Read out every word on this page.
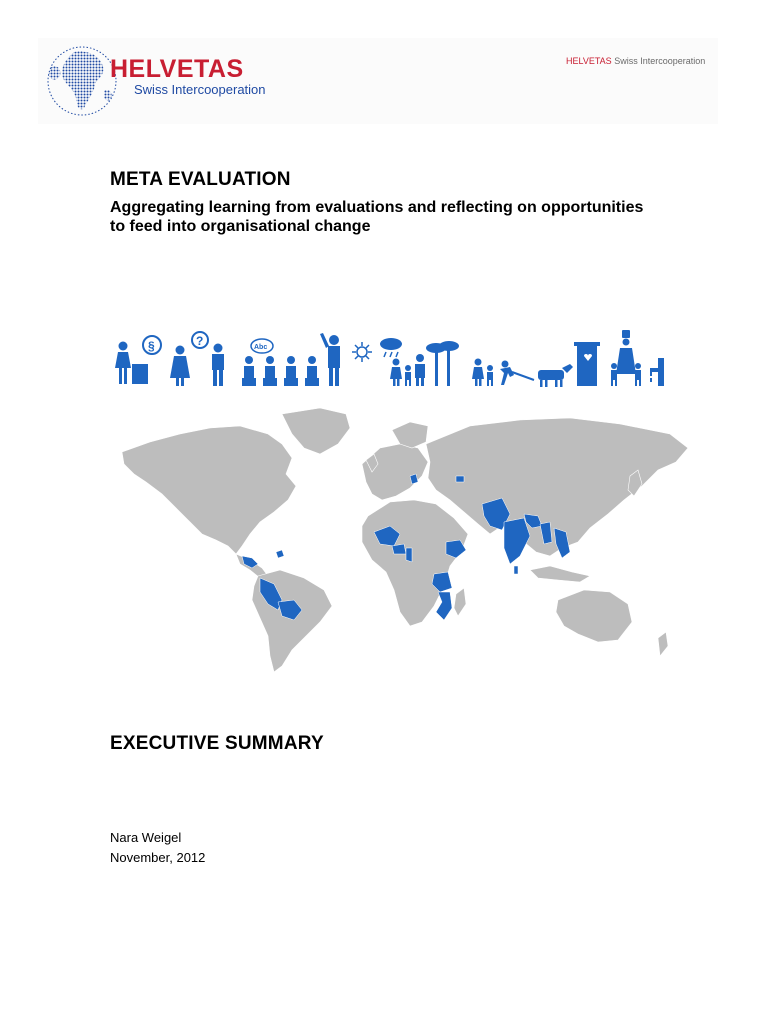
HELVETAS
Swiss Intercooperation
HELVETAS Swiss Intercooperation
META EVALUATION
Aggregating learning from evaluations and reflecting on opportunities
to feed into organisational change
§	?	Abc
EXECUTIVE SUMMARY
Nara Weigel
November, 2012
